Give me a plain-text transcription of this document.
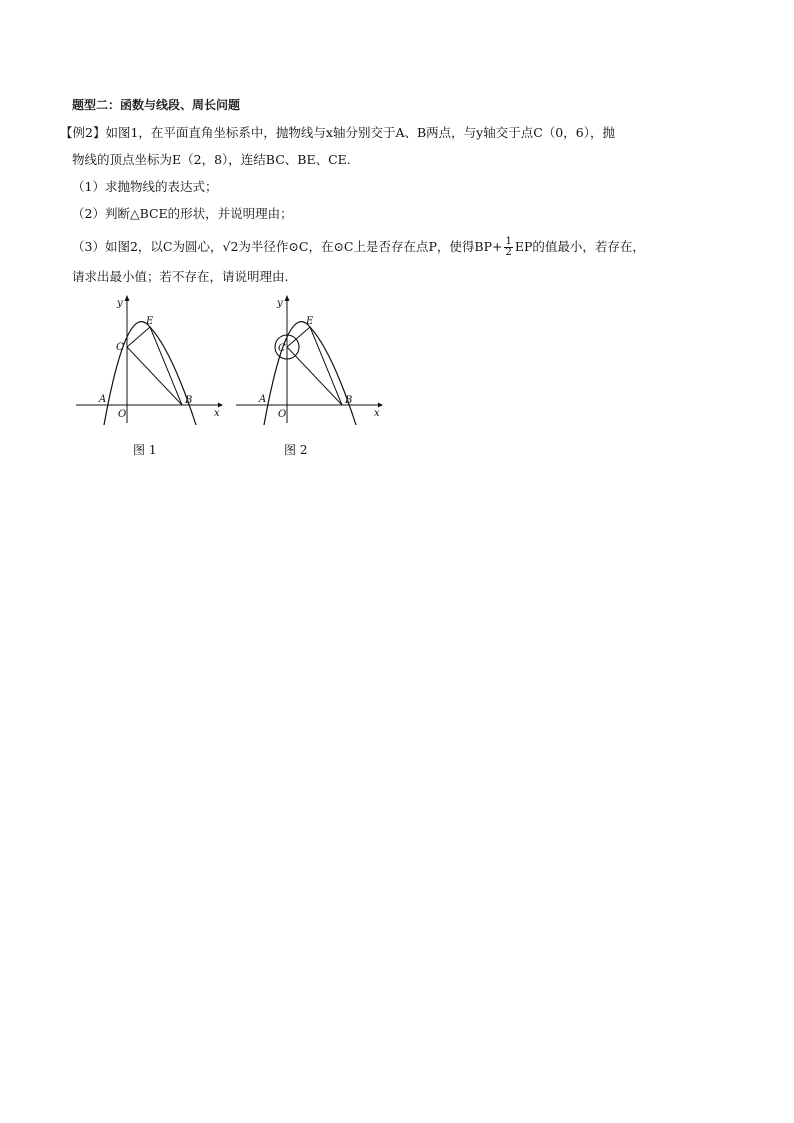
题型二：函数与线段、周长问题
【例2】如图1，在平面直角坐标系中，抛物线与x轴分别交于A、B两点，与y轴交于点C（0，6），抛
物线的顶点坐标为E（2，8），连结BC、BE、CE.
（1）求抛物线的表达式；
（2）判断△BCE的形状，并说明理由；
（3）如图2，以C为圆心，√2为半径作⊙C，在⊙C上是否存在点P，使得$BP+ \frac{1}{2}$ EP的值最小，若存在，
请求出最小值；若不存在，请说明理由.
y
x
O
A	B
C
E
y
x
O
A	B
C
E
图 1	图 2
